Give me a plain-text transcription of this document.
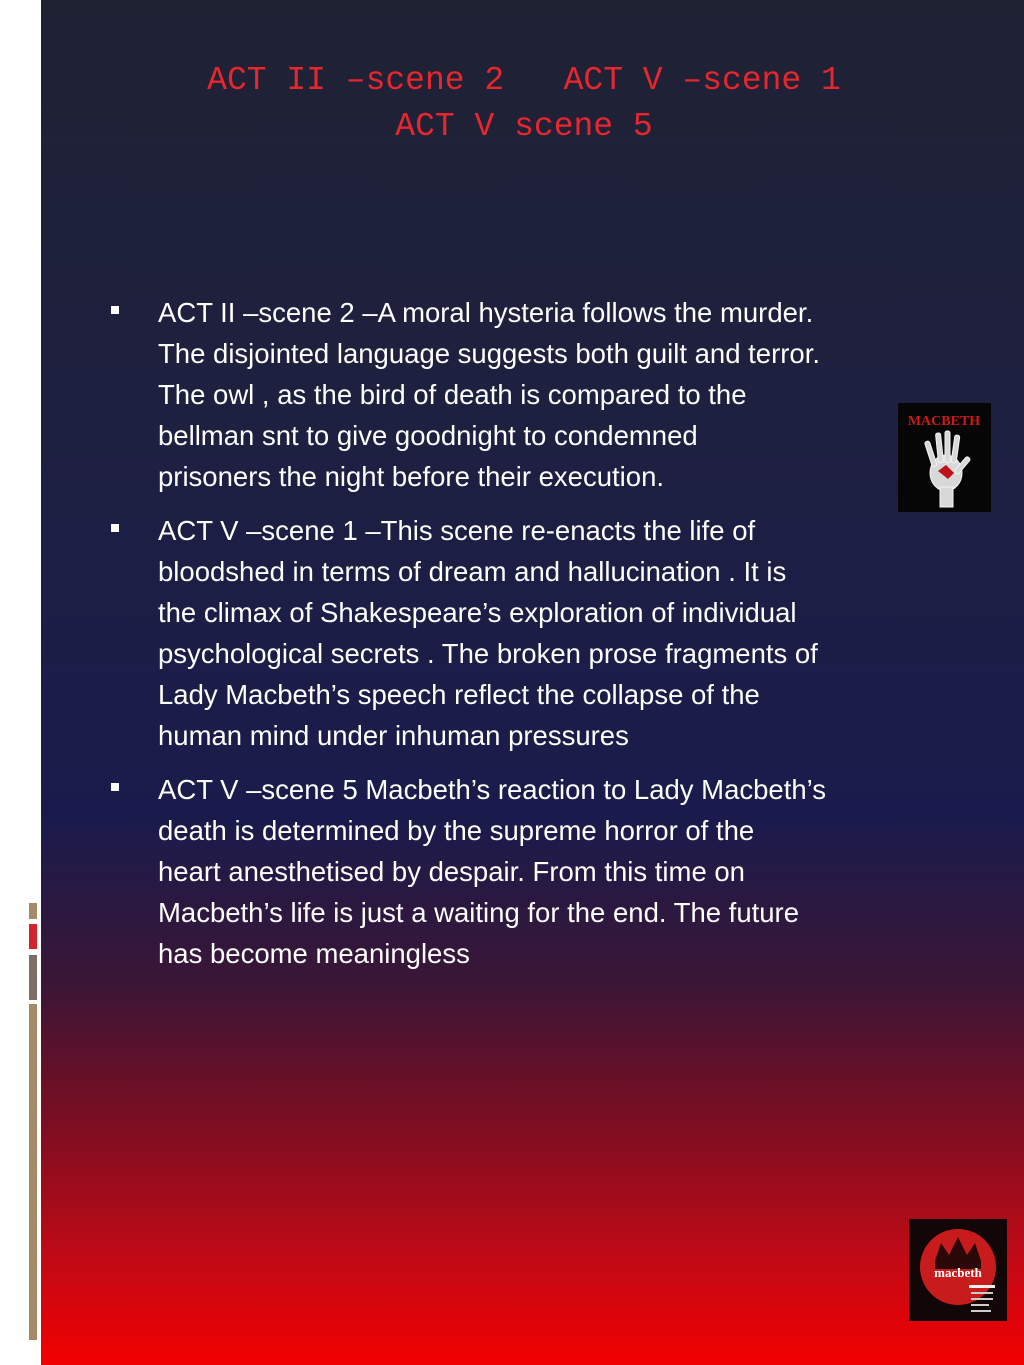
ACT II –scene 2   ACT V –scene 1
ACT V scene 5
ACT II –scene 2 –A moral hysteria follows the murder.
The disjointed language suggests both guilt and terror.
The owl , as the bird of death is compared to the
bellman snt to give goodnight to condemned
prisoners the night before their execution.
ACT V –scene 1 –This scene re-enacts the life of
bloodshed in terms of dream and hallucination . It is
the climax of Shakespeare’s exploration of individual
psychological secrets . The broken prose fragments of
Lady Macbeth’s speech reflect the collapse of the
human mind under inhuman pressures
ACT V –scene 5 Macbeth’s reaction to Lady Macbeth’s
death is determined by the supreme horror of the
heart anesthetised by despair. From this time on
Macbeth’s life is just a waiting for the end. The future
has become meaningless
MACBETH
macbeth
